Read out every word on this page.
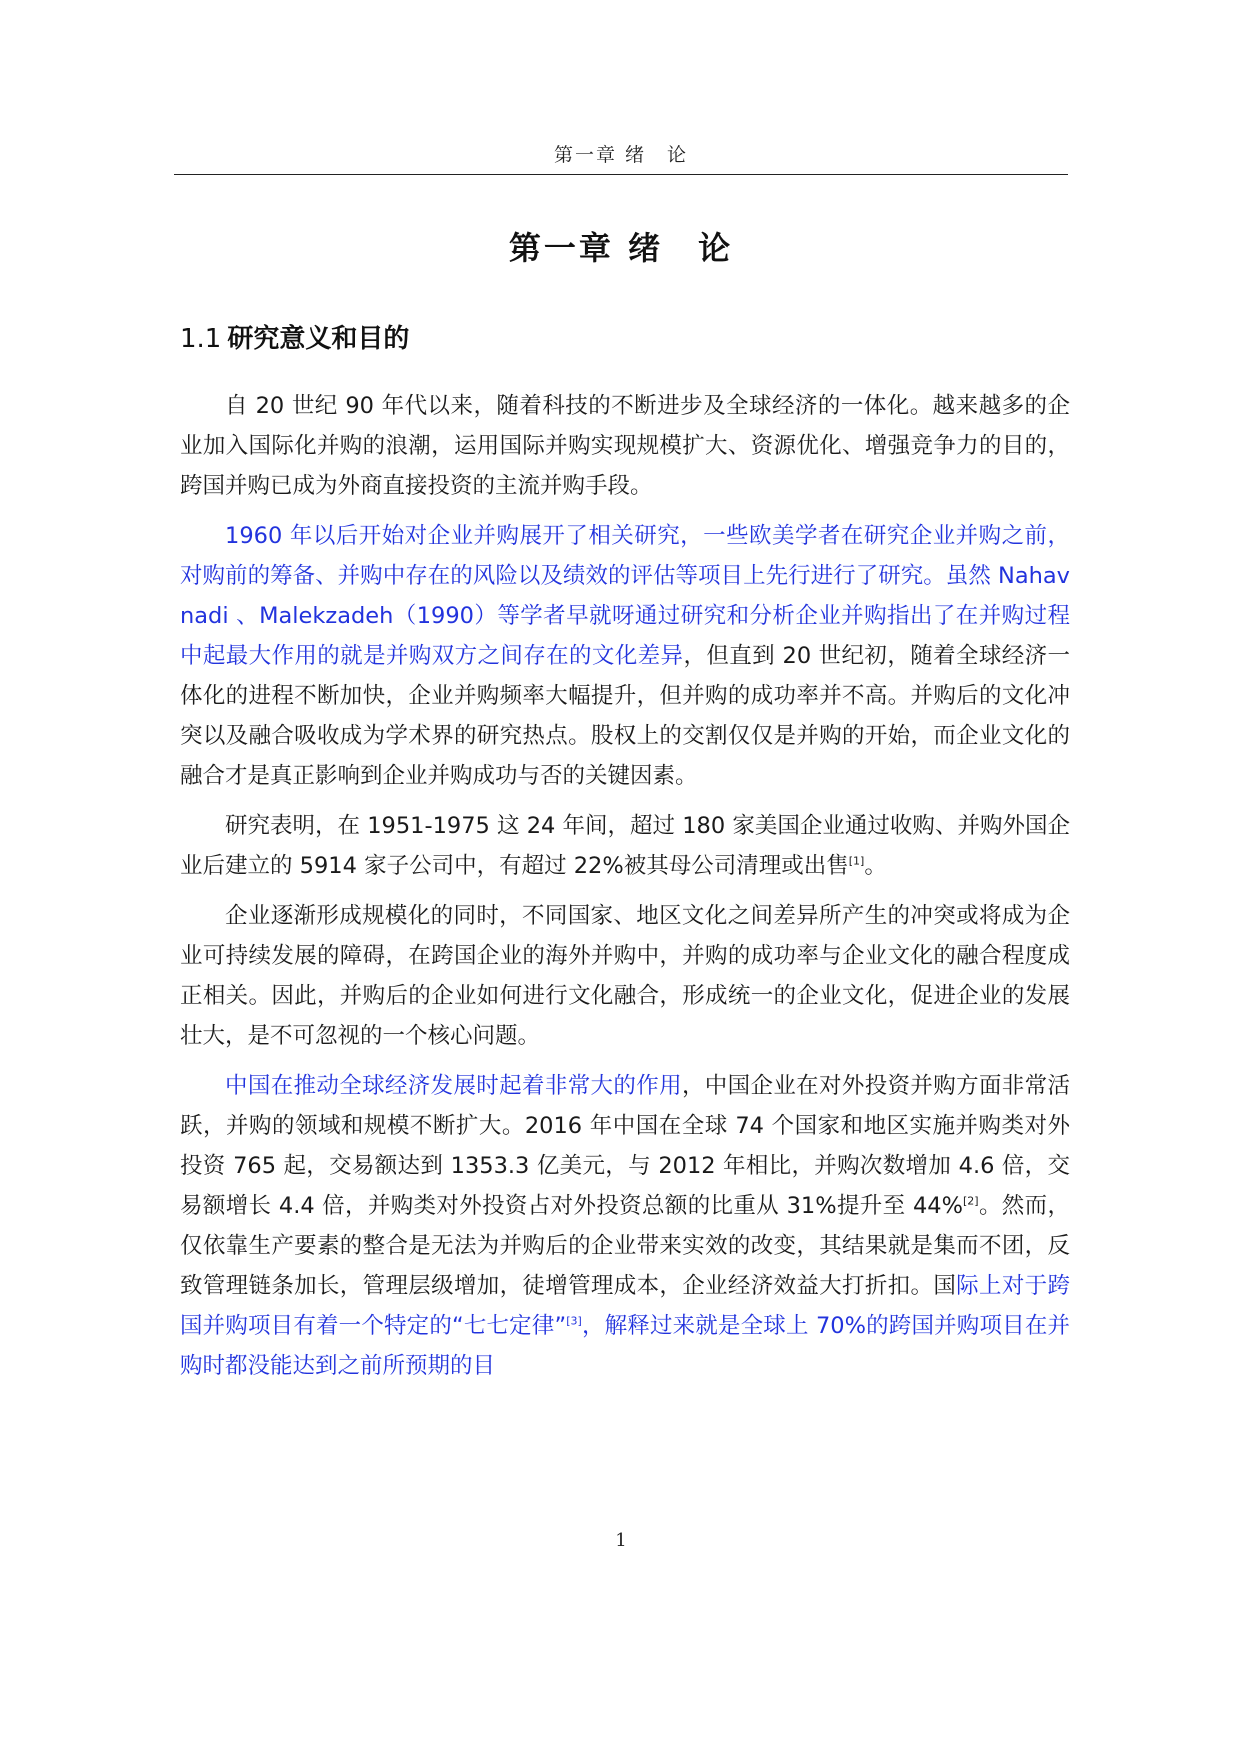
第一章 绪　论
第一章 绪　论
1.1 研究意义和目的

自 20 世纪 90 年代以来，随着科技的不断进步及全球经济的一体化。越来越多的企业加入国际化并购的浪潮，运用国际并购实现规模扩大、资源优化、增强竞争力的目的，跨国并购已成为外商直接投资的主流并购手段。

1960 年以后开始对企业并购展开了相关研究，一些欧美学者在研究企业并购之前，对购前的筹备、并购中存在的风险以及绩效的评估等项目上先行进行了研究。虽然 Nahavnadi 、Malekzadeh（1990）等学者早就呀通过研究和分析企业并购指出了在并购过程中起最大作用的就是并购双方之间存在的文化差异，但直到 20 世纪初，随着全球经济一体化的进程不断加快，企业并购频率大幅提升，但并购的成功率并不高。并购后的文化冲突以及融合吸收成为学术界的研究热点。股权上的交割仅仅是并购的开始，而企业文化的融合才是真正影响到企业并购成功与否的关键因素。

研究表明，在 1951-1975 这 24 年间，超过 180 家美国企业通过收购、并购外国企业后建立的 5914 家子公司中，有超过 22%被其母公司清理或出售[1]。

企业逐渐形成规模化的同时，不同国家、地区文化之间差异所产生的冲突或将成为企业可持续发展的障碍，在跨国企业的海外并购中，并购的成功率与企业文化的融合程度成正相关。因此，并购后的企业如何进行文化融合，形成统一的企业文化，促进企业的发展壮大，是不可忽视的一个核心问题。

中国在推动全球经济发展时起着非常大的作用，中国企业在对外投资并购方面非常活跃，并购的领域和规模不断扩大。2016 年中国在全球 74 个国家和地区实施并购类对外投资 765 起，交易额达到 1353.3 亿美元，与 2012 年相比，并购次数增加 4.6 倍，交易额增长 4.4 倍，并购类对外投资占对外投资总额的比重从 31%提升至 44%[2]。然而，仅依靠生产要素的整合是无法为并购后的企业带来实效的改变，其结果就是集而不团，反致管理链条加长，管理层级增加，徒增管理成本，企业经济效益大打折扣。国际上对于跨国并购项目有着一个特定的“七七定律”[3]，解释过来就是全球上 70%的跨国并购项目在并购时都没能达到之前所预期的目

1
